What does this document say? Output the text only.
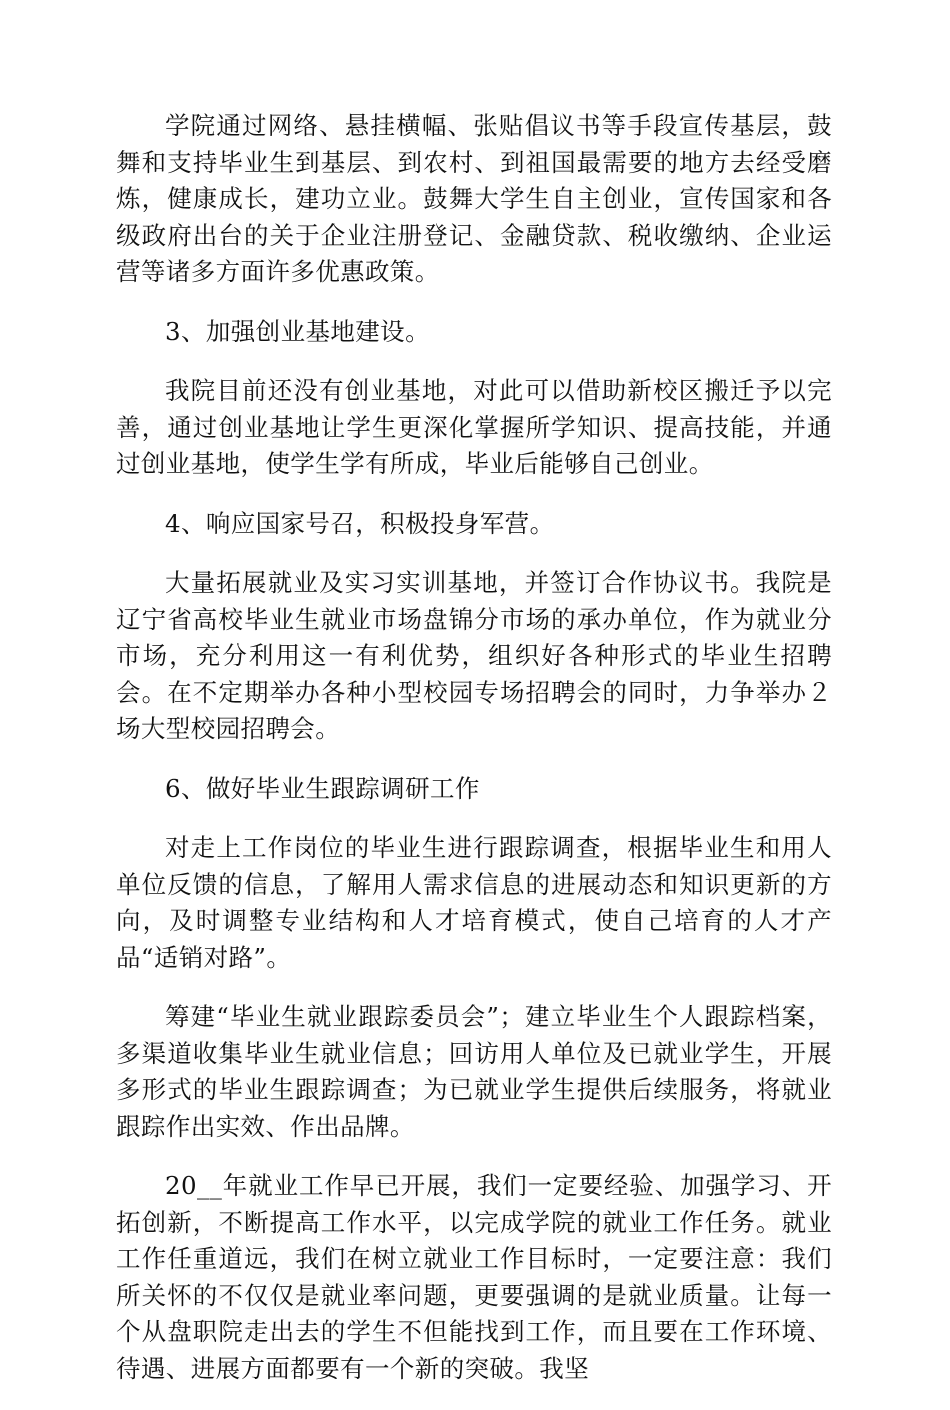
学院通过网络、悬挂横幅、张贴倡议书等手段宣传基层，鼓舞和支持毕业生到基层、到农村、到祖国最需要的地方去经受磨炼，健康成长，建功立业。鼓舞大学生自主创业，宣传国家和各级政府出台的关于企业注册登记、金融贷款、税收缴纳、企业运营等诸多方面许多优惠政策。

3、加强创业基地建设。

我院目前还没有创业基地，对此可以借助新校区搬迁予以完善，通过创业基地让学生更深化掌握所学知识、提高技能，并通过创业基地，使学生学有所成，毕业后能够自己创业。

4、响应国家号召，积极投身军营。

大量拓展就业及实习实训基地，并签订合作协议书。我院是辽宁省高校毕业生就业市场盘锦分市场的承办单位，作为就业分市场，充分利用这一有利优势，组织好各种形式的毕业生招聘会。在不定期举办各种小型校园专场招聘会的同时，力争举办２场大型校园招聘会。

6、做好毕业生跟踪调研工作

对走上工作岗位的毕业生进行跟踪调查，根据毕业生和用人单位反馈的信息，了解用人需求信息的进展动态和知识更新的方向，及时调整专业结构和人才培育模式，使自己培育的人才产品“适销对路”。

筹建“毕业生就业跟踪委员会”；建立毕业生个人跟踪档案，多渠道收集毕业生就业信息；回访用人单位及已就业学生，开展多形式的毕业生跟踪调查；为已就业学生提供后续服务，将就业跟踪作出实效、作出品牌。

20__年就业工作早已开展，我们一定要经验、加强学习、开拓创新，不断提高工作水平，以完成学院的就业工作任务。就业工作任重道远，我们在树立就业工作目标时，一定要注意：我们所关怀的不仅仅是就业率问题，更要强调的是就业质量。让每一个从盘职院走出去的学生不但能找到工作，而且要在工作环境、待遇、进展方面都要有一个新的突破。我坚
